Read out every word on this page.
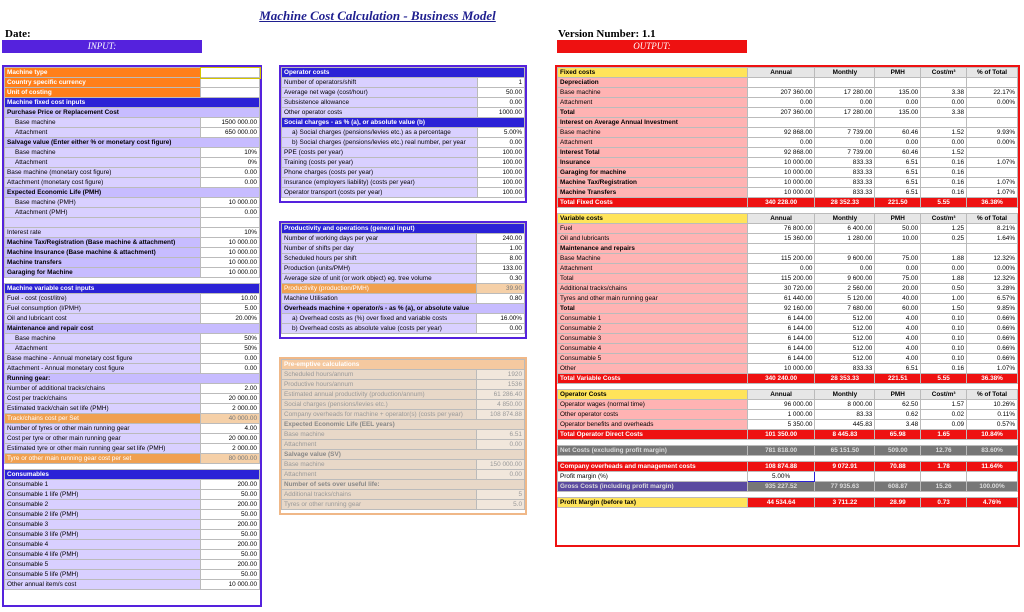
Machine Cost Calculation - Business Model
Date:	Version Number: 1.1
INPUT:	OUTPUT:
Machine type	
Country specific currency	
Unit of costing	
Machine fixed cost inputs	
Purchase Price or Replacement Cost	
Base machine	1500 000.00
Attachment	650 000.00
Salvage value (Enter either % or monetary cost figure)	
Base machine	10%
Attachment	0%
Base machine (monetary cost figure)	0.00
Attachment (monetary cost figure)	0.00
Expected Economic Life (PMH)	
Base machine (PMH)	10 000.00
Attachment (PMH)	0.00

Interest rate	10%
Machine Tax/Registration (Base machine & attachment)	10 000.00
Machine Insurance (Base machine & attachment)	10 000.00
Machine transfers	10 000.00
Garaging for Machine	10 000.00

Machine variable cost inputs	
Fuel - cost (cost/litre)	10.00
Fuel consumption (l/PMH)	5.00
Oil and lubricant cost	20.00%
Maintenance and repair cost	
Base machine	50%
Attachment	50%
Base machine - Annual monetary cost figure	0.00
Attachment - Annual monetary cost figure	0.00
Running gear:	
Number of additional tracks/chains	2.00
Cost per track/chains	20 000.00
Estimated track/chain set life (PMH)	2 000.00
Track/chains cost per Set	40 000.00
Number of tyres or other main running gear	4.00
Cost per tyre or other main running gear	20 000.00
Estimated tyre or other main running gear set life (PMH)	2 000.00
Tyre or other main running gear cost per set	80 000.00

Consumables	
Consumable 1	200.00
Consumable 1 life (PMH)	50.00
Consumable 2	200.00
Consumable 2 life (PMH)	50.00
Consumable 3	200.00
Consumable 3 life (PMH)	50.00
Consumable 4	200.00
Consumable 4 life (PMH)	50.00
Consumable 5	200.00
Consumable 5 life (PMH)	50.00
Other annual item/s cost	10 000.00
Operator costs	
Number of operators/shift	1
Average net wage (cost/hour)	50.00
Subsistence allowance	0.00
Other operator costs	1000.00
Social charges - as % (a), or absolute value (b)	
a) Social charges (pensions/levies etc.) as a percentage	5.00%
b) Social charges (pensions/levies etc.) real number, per year	0.00
PPE (costs per year)	100.00
Training (costs per year)	100.00
Phone charges (costs per year)	100.00
Insurance (employers liability) (costs per year)	100.00
Operator transport (costs per year)	100.00
Productivity and operations (general input)	
Number of working days per year	240.00
Number of shifts per day	1.00
Scheduled hours per shift	8.00
Production (units/PMH)	133.00
Average size of unit (or work object) eg. tree volume	0.30
Productivity (production/PMH)	39.90
Machine Utilisation	0.80
Overheads machine + operator/s - as % (a), or absolute value	
a) Overhead costs as (%) over fixed and variable costs	16.00%
b) Overhead costs as absolute value (costs per year)	0.00
Pre-emptive calculations	
Scheduled hours/annum	1920
Productive hours/annum	1536
Estimated annual productivity (production/annum)	61 286.40
Social charges (pensions/levies etc.)	4 850.00
Company overheads for machine + operator(s) (costs per year)	108 874.88
Expected Economic Life (EEL years)	
Base machine	6.51
Attachment	0.00
Salvage value (SV)	
Base machine	150 000.00
Attachment	0.00
Number of sets over useful life:	
Additional tracks/chains	5
Tyres or other running gear	5.0
Fixed costs	Annual	Monthly	PMH	Cost/m³	% of Total
Depreciation					
Base machine	207 360.00	17 280.00	135.00	3.38	22.17%
Attachment	0.00	0.00	0.00	0.00	0.00%
Total	207 360.00	17 280.00	135.00	3.38	
Interest on Average Annual Investment					
Base machine	92 868.00	7 739.00	60.46	1.52	9.93%
Attachment	0.00	0.00	0.00	0.00	0.00%
Interest Total	92 868.00	7 739.00	60.46	1.52	
Insurance	10 000.00	833.33	6.51	0.16	1.07%
Garaging for machine	10 000.00	833.33	6.51	0.16	
Machine Tax/Registration	10 000.00	833.33	6.51	0.16	1.07%
Machine Transfers	10 000.00	833.33	6.51	0.16	1.07%
Total Fixed Costs	340 228.00	28 352.33	221.50	5.55	36.38%

Variable costs	Annual	Monthly	PMH	Cost/m³	% of Total
Fuel	76 800.00	6 400.00	50.00	1.25	8.21%
Oil and lubricants	15 360.00	1 280.00	10.00	0.25	1.64%
Maintenance and repairs					
Base Machine	115 200.00	9 600.00	75.00	1.88	12.32%
Attachment	0.00	0.00	0.00	0.00	0.00%
Total	115 200.00	9 600.00	75.00	1.88	12.32%
Additional tracks/chains	30 720.00	2 560.00	20.00	0.50	3.28%
Tyres and other main running gear	61 440.00	5 120.00	40.00	1.00	6.57%
Total	92 160.00	7 680.00	60.00	1.50	9.85%
Consumable 1	6 144.00	512.00	4.00	0.10	0.66%
Consumable 2	6 144.00	512.00	4.00	0.10	0.66%
Consumable 3	6 144.00	512.00	4.00	0.10	0.66%
Consumable 4	6 144.00	512.00	4.00	0.10	0.66%
Consumable 5	6 144.00	512.00	4.00	0.10	0.66%
Other	10 000.00	833.33	6.51	0.16	1.07%
Total Variable Costs	340 240.00	28 353.33	221.51	5.55	36.38%

Operator Costs	Annual	Monthly	PMH	Cost/m³	% of Total
Operator wages (normal time)	96 000.00	8 000.00	62.50	1.57	10.26%
Other operator costs	1 000.00	83.33	0.62	0.02	0.11%
Operator benefits and overheads	5 350.00	445.83	3.48	0.09	0.57%
Total Operator Direct Costs	101 350.00	8 445.83	65.98	1.65	10.84%

Net Costs (excluding profit margin)	781 818.00	65 151.50	509.00	12.76	83.60%

Company overheads and management costs	108 874.88	9 072.91	70.88	1.78	11.64%
Profit margin (%)	5.00%				
Gross Costs (including profit margin)	935 227.52	77 935.63	608.87	15.26	100.00%

Profit Margin (before tax)	44 534.64	3 711.22	28.99	0.73	4.76%
